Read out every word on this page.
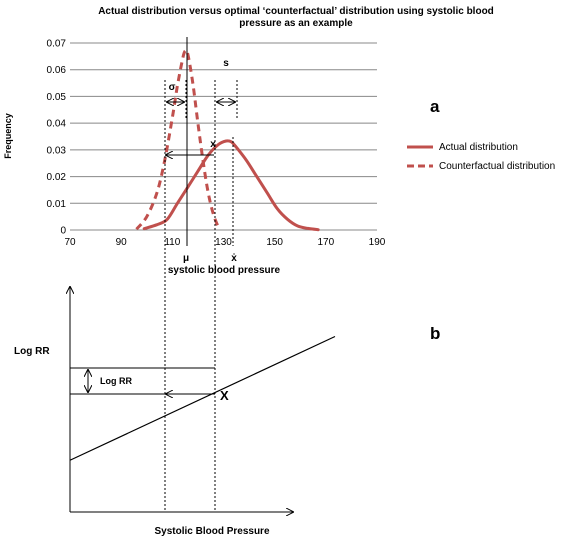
Actual distribution versus optimal ‘counterfactual’ distribution using systolic blood
pressure as an example
0
0.01
0.02
0.03
0.04
0.05
0.06
0.07
70	90	110	130	150	170	190
Frequency
systolic blood pressure
σ
s
x
μ	ẋ
Actual distribution
Counterfactual distribution
a
Log RR
X
Log RR
Systolic Blood Pressure
b
